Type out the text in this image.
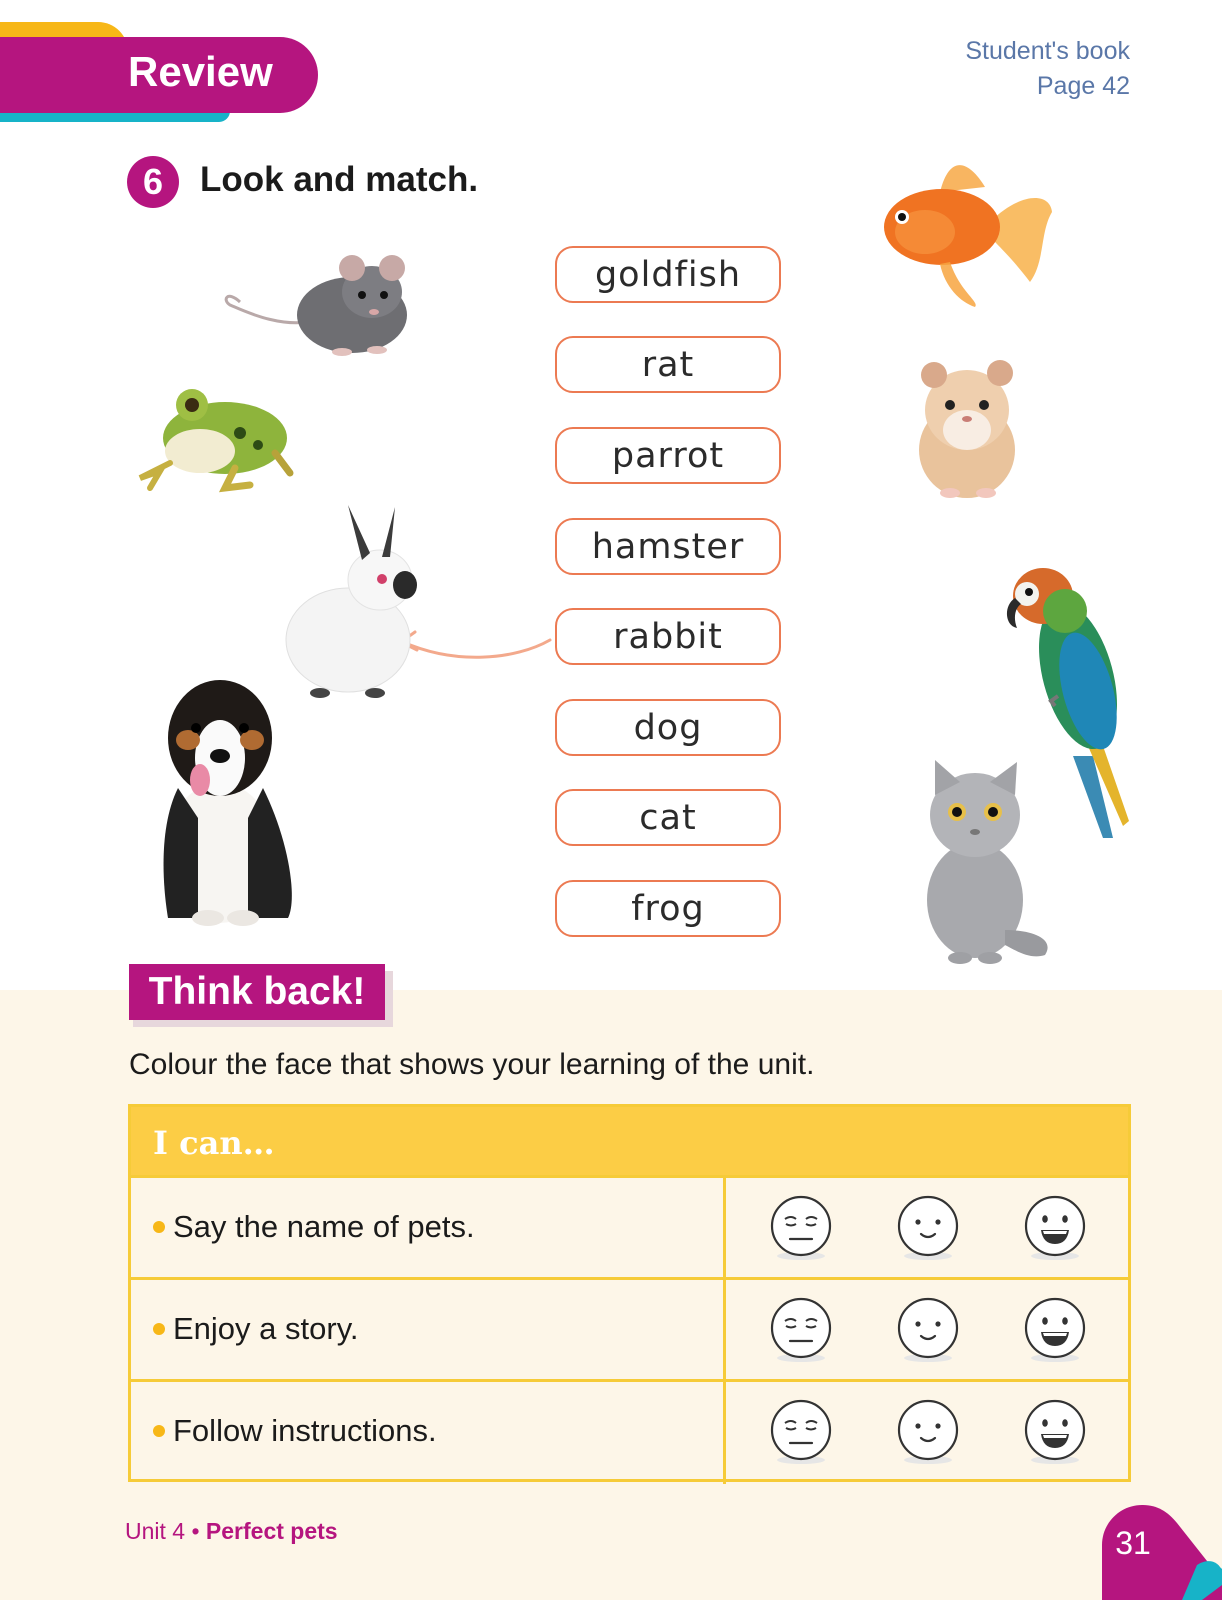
Review	Student's book
Page 42
6	Look and match.
goldfish
rat
parrot
hamster
rabbit
dog
cat
frog
Think back!
Colour the face that shows your learning of the unit.
I can…
Say the name of pets.
Enjoy a story.
Follow instructions.
Unit 4 • Perfect pets	31
